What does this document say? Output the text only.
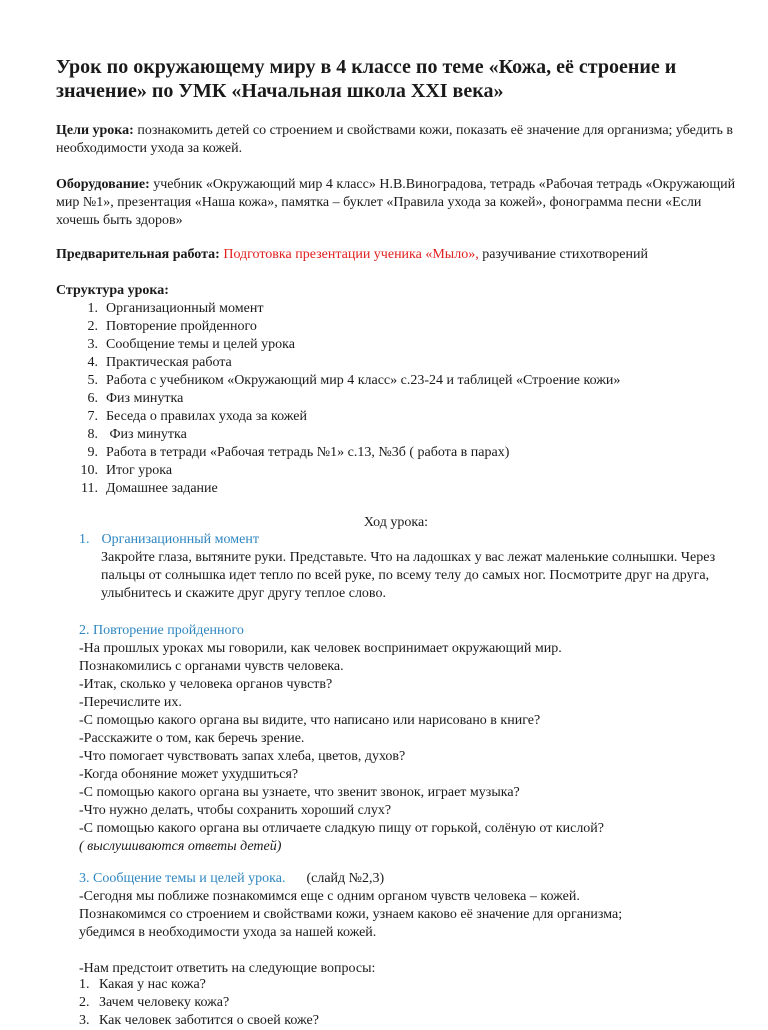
Урок по окружающему миру в 4 классе по теме «Кожа, её строение и значение» по УМК «Начальная школа XXI века»
Цели урока: познакомить детей со строением и свойствами кожи, показать её значение для организма; убедить в необходимости ухода за кожей.
Оборудование: учебник «Окружающий мир 4 класс» Н.В.Виноградова, тетрадь «Рабочая тетрадь «Окружающий мир №1», презентация «Наша кожа», памятка – буклет «Правила ухода за кожей», фонограмма песни «Если хочешь быть здоров»
Предварительная работа: Подготовка презентации ученика «Мыло», разучивание стихотворений
Структура урока:
1. Организационный момент
2. Повторение пройденного
3. Сообщение темы и целей урока
4. Практическая работа
5. Работа с учебником «Окружающий мир 4 класс» с.23-24 и таблицей «Строение кожи»
6. Физ минутка
7. Беседа о правилах ухода за кожей
8. Физ минутка
9. Работа в тетради «Рабочая тетрадь №1» с.13, №3б ( работа в парах)
10. Итог урока
11. Домашнее задание
Ход урока:
1. Организационный момент
Закройте глаза, вытяните руки. Представьте. Что на ладошках у вас лежат маленькие солнышки. Через пальцы от солнышка идет тепло по всей руке, по всему телу до самых ног. Посмотрите друг на друга, улыбнитесь и скажите друг другу теплое слово.
2. Повторение пройденного
-На прошлых уроках мы говорили, как человек воспринимает окружающий мир.
Познакомились с органами чувств человека.
-Итак, сколько у человека органов чувств?
-Перечислите их.
-С помощью какого органа вы видите, что написано или нарисовано в книге?
-Расскажите о том, как беречь зрение.
-Что помогает чувствовать запах хлеба, цветов, духов?
-Когда обоняние может ухудшиться?
-С помощью какого органа вы узнаете, что звенит звонок, играет музыка?
-Что нужно делать, чтобы сохранить хороший слух?
-С помощью какого органа вы отличаете сладкую пищу от горькой, солёную от кислой?
( выслушиваются ответы детей)
3. Сообщение темы и целей урока.      (слайд №2,3)
-Сегодня мы поближе познакомимся еще с одним органом чувств человека – кожей.
Познакомимся со строением и свойствами кожи, узнаем каково её значение для организма;
убедимся в необходимости ухода за нашей кожей.
-Нам предстоит ответить на следующие вопросы:
1. Какая у нас кожа?
2. Зачем человеку кожа?
3. Как человек заботится о своей коже?
